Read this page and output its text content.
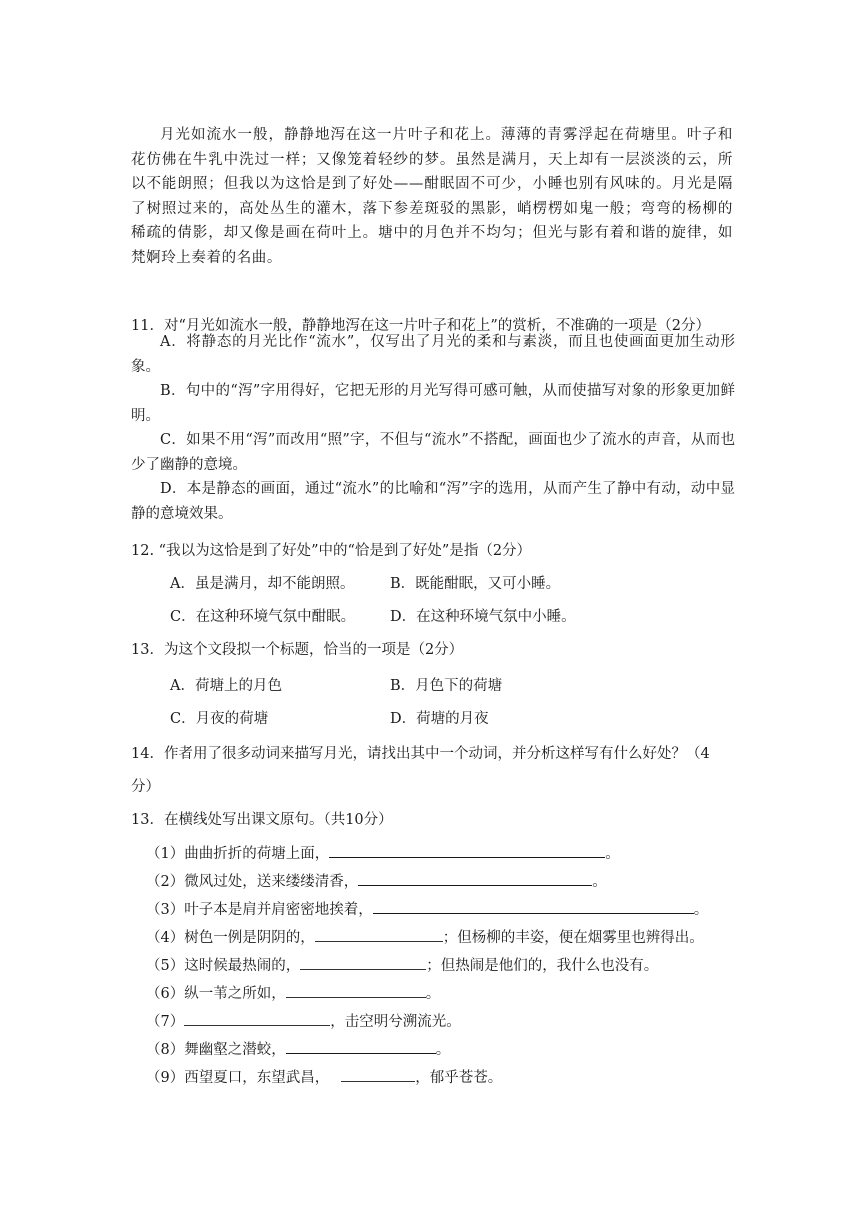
月光如流水一般，静静地泻在这一片叶子和花上。薄薄的青雾浮起在荷塘里。叶子和花仿佛在牛乳中洗过一样；又像笼着轻纱的梦。虽然是满月，天上却有一层淡淡的云，所以不能朗照；但我以为这恰是到了好处——酣眠固不可少，小睡也别有风味的。月光是隔了树照过来的，高处丛生的灌木，落下参差斑驳的黑影，峭楞楞如鬼一般；弯弯的杨柳的稀疏的倩影，却又像是画在荷叶上。塘中的月色并不均匀；但光与影有着和谐的旋律，如梵婀玲上奏着的名曲。

11．对“月光如流水一般，静静地泻在这一片叶子和花上”的赏析，不准确的一项是（2分）

A．将静态的月光比作“流水”，仅写出了月光的柔和与素淡，而且也使画面更加生动形象。

B．句中的“泻”字用得好，它把无形的月光写得可感可触，从而使描写对象的形象更加鲜明。

C．如果不用“泻”而改用“照”字，不但与“流水”不搭配，画面也少了流水的声音，从而也少了幽静的意境。

D．本是静态的画面，通过“流水”的比喻和“泻”字的选用，从而产生了静中有动，动中显静的意境效果。

12. “我以为这恰是到了好处”中的“恰是到了好处”是指（2分）
A．虽是满月，却不能朗照。 B．既能酣眠，又可小睡。
C．在这种环境气氛中酣眠。 D．在这种环境气氛中小睡。
13．为这个文段拟一个标题，恰当的一项是（2分）
A．荷塘上的月色	B．月色下的荷塘
C．月夜的荷塘	D．荷塘的月夜
14．作者用了很多动词来描写月光，请找出其中一个动词，并分析这样写有什么好处？（4
分）
13．在横线处写出课文原句。（共10分）
（1）曲曲折折的荷塘上面，	。
（2）微风过处，送来缕缕清香，	。
（3）叶子本是肩并肩密密地挨着，	。
（4）树色一例是阴阴的，	；但杨柳的丰姿，便在烟雾里也辨得出。
（5）这时候最热闹的，	；但热闹是他们的，我什么也没有。
（6）纵一苇之所如，	。
（7）	，击空明兮溯流光。
（8）舞幽壑之潜蛟，	。
（9）西望夏口，东望武昌，	，郁乎苍苍。
